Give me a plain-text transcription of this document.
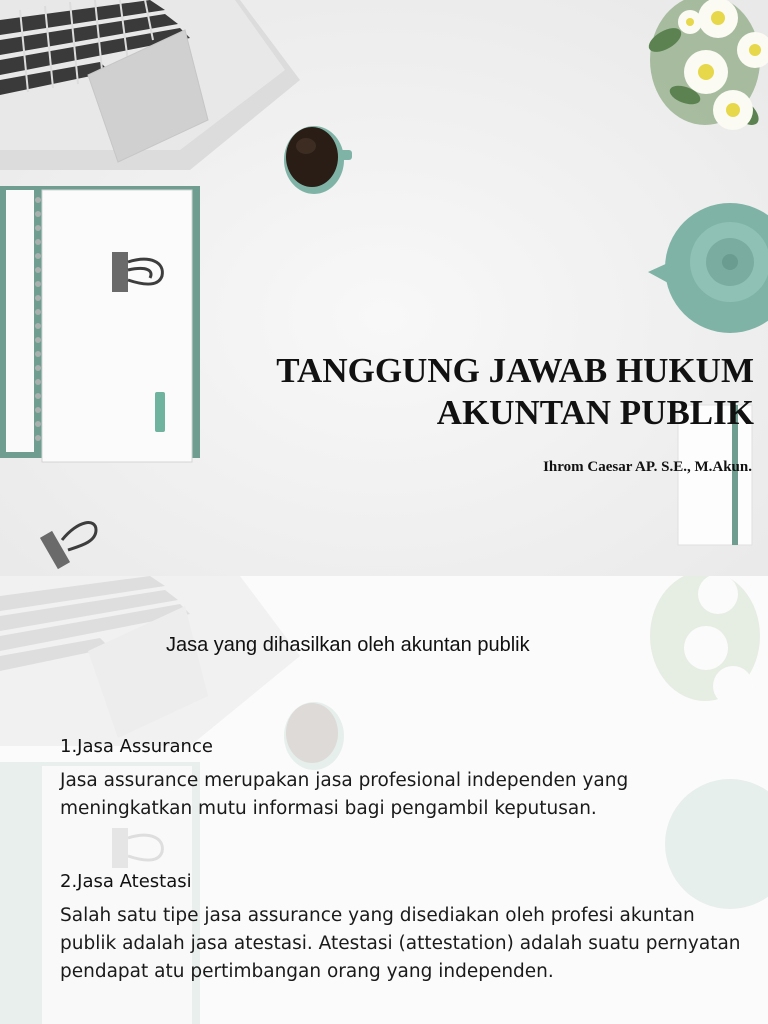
TANGGUNG JAWAB HUKUM
AKUNTAN PUBLIK

Ihrom Caesar AP. S.E., M.Akun.

Jasa yang dihasilkan oleh akuntan publik
1.Jasa Assurance

Jasa assurance merupakan jasa profesional independen yang meningkatkan mutu informasi bagi pengambil keputusan.

2.Jasa Atestasi

Salah satu tipe jasa assurance yang disediakan oleh profesi akuntan publik adalah jasa atestasi. Atestasi (attestation) adalah suatu pernyatan pendapat atu pertimbangan orang yang independen.
